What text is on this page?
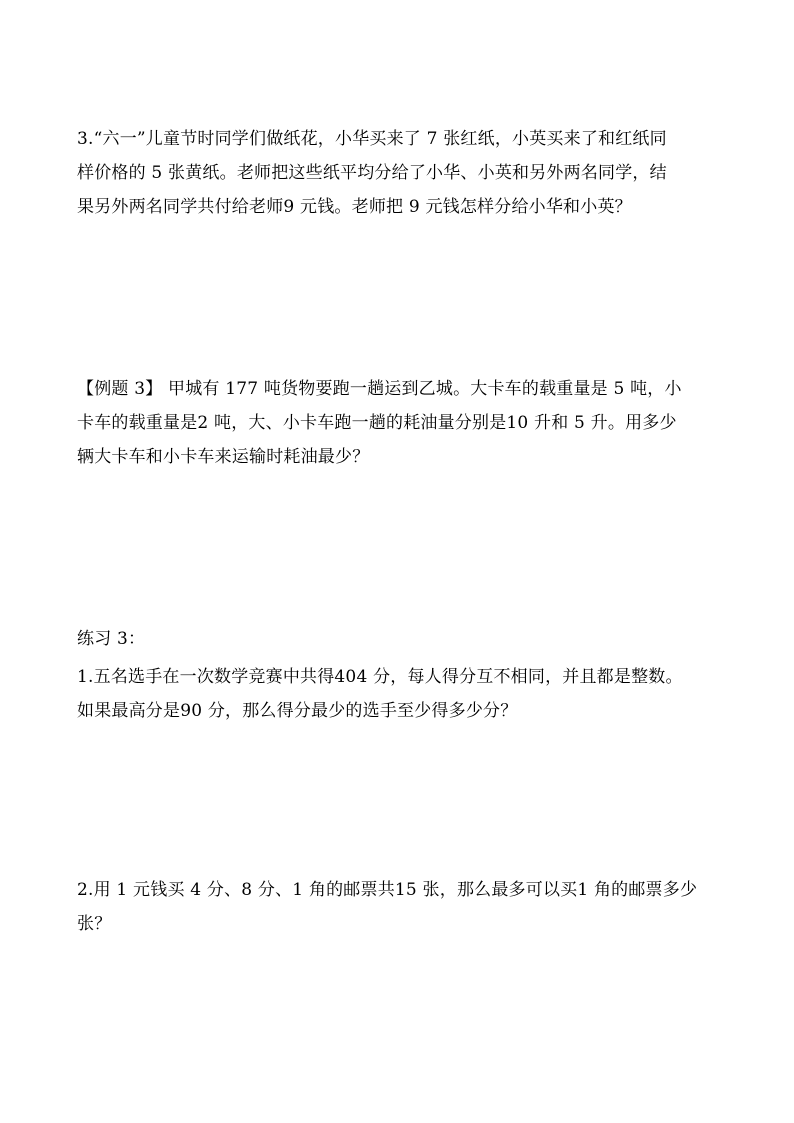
3.“六一”儿童节时同学们做纸花，小华买来了 7 张红纸，小英买来了和红纸同
样价格的 5 张黄纸。老师把这些纸平均分给了小华、小英和另外两名同学，结
果另外两名同学共付给老师9 元钱。老师把 9 元钱怎样分给小华和小英？
【例题 3】 甲城有 177 吨货物要跑一趟运到乙城。大卡车的载重量是 5 吨，小
卡车的载重量是2 吨，大、小卡车跑一趟的耗油量分别是10 升和 5 升。用多少
辆大卡车和小卡车来运输时耗油最少？
练习 3：
1.五名选手在一次数学竞赛中共得404 分，每人得分互不相同，并且都是整数。
如果最高分是90 分，那么得分最少的选手至少得多少分？
2.用 1 元钱买 4 分、8 分、1 角的邮票共15 张，那么最多可以买1 角的邮票多少
张？
